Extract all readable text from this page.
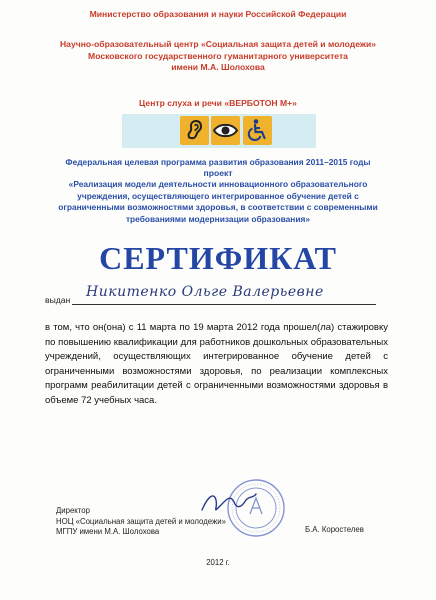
Министерство образования и науки Российской Федерации
Научно-образовательный центр «Социальная защита детей и молодежи»
Московского государственного гуманитарного университета
имени М.А. Шолохова
Центр слуха и речи «ВЕРБОТОН М+»
Федеральная целевая программа развития образования 2011–2015 годы
проект
«Реализация модели деятельности инновационного образовательного учреждения, осуществляющего интегрированное обучение детей с ограниченными возможностями здоровья, в соответствии с современными требованиями модернизации образования»
СЕРТИФИКАТ
выдан Никитенко Ольге Валерьевне
в том, что он(она) с 11 марта по 19 марта 2012 года прошел(ла) стажировку по повышению квалификации для работников дошкольных образовательных учреждений, осуществляющих интегрированное обучение детей с ограниченными возможностями здоровья, по реализации комплексных программ реабилитации детей с ограниченными возможностями здоровья в объеме 72 учебных часа.
Директор
НОЦ «Социальная защита детей и молодежи»
МГПУ имени М.А. Шолохова	Б.А. Коростелев
2012 г.
